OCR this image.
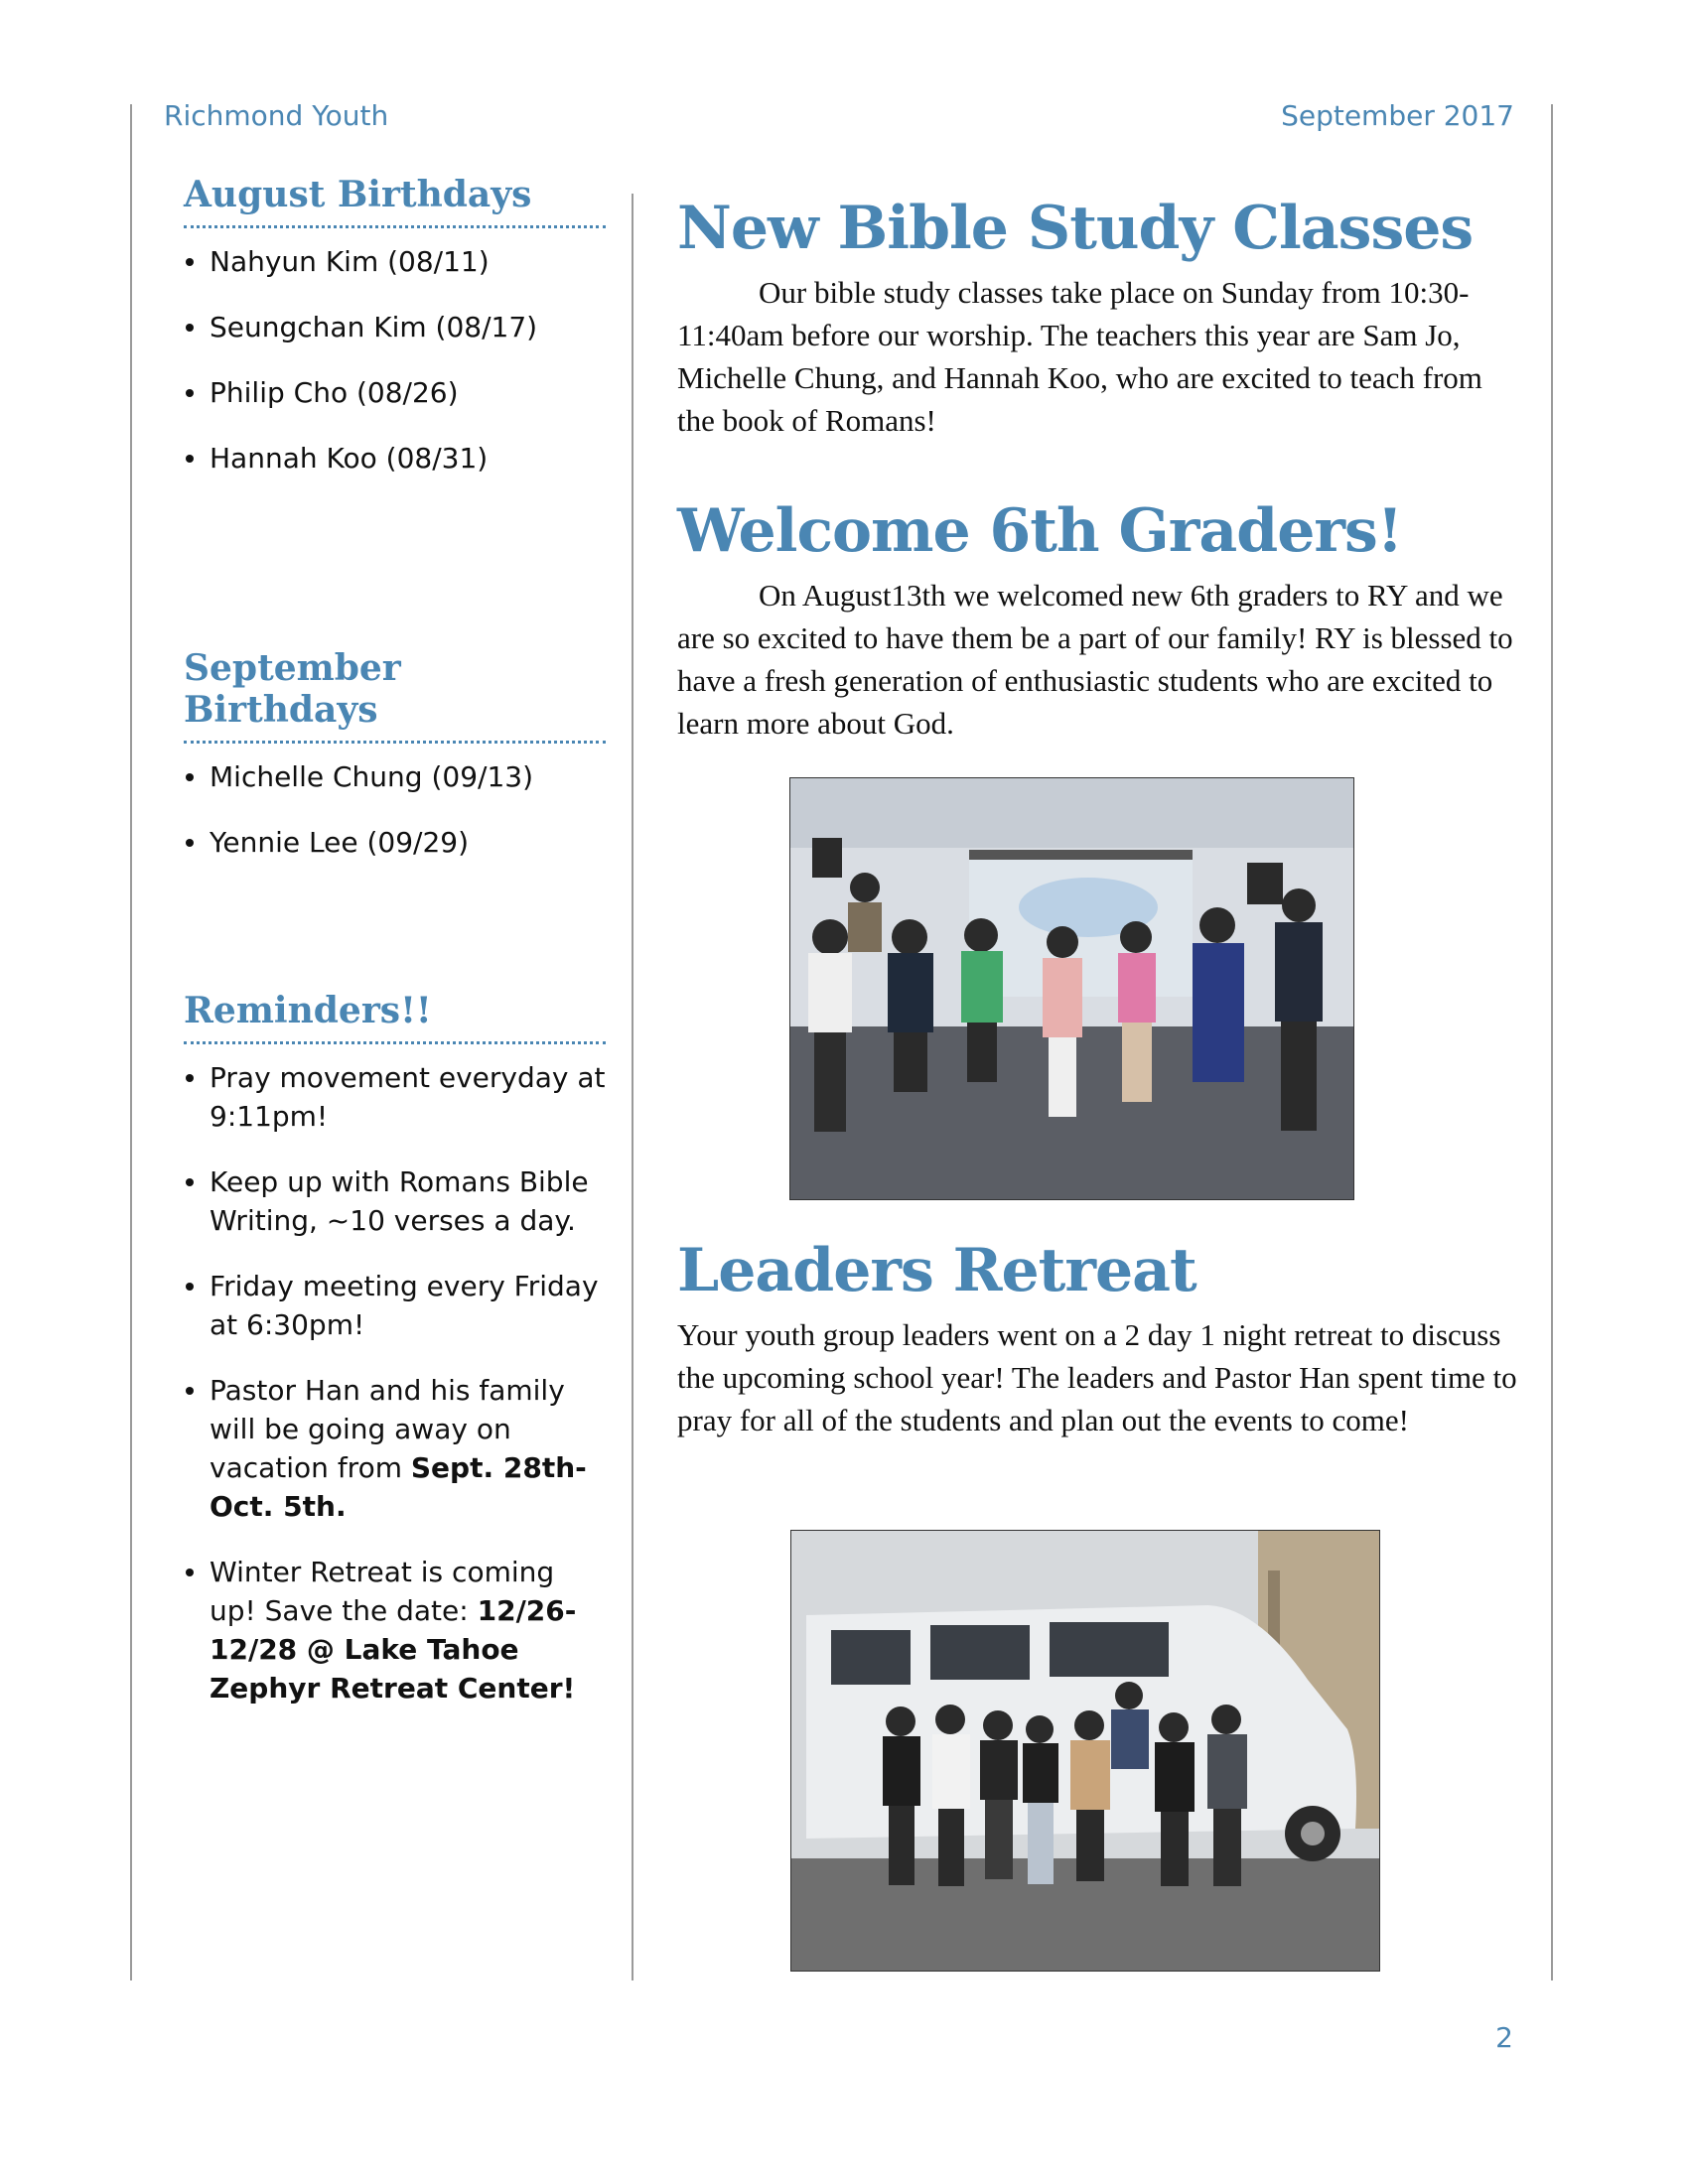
Richmond Youth	September 2017
August Birthdays
Nahyun Kim (08/11)
Seungchan Kim (08/17)
Philip Cho (08/26)
Hannah Koo (08/31)
September Birthdays
Michelle Chung (09/13)
Yennie Lee (09/29)
Reminders!!
Pray movement everyday at 9:11pm!
Keep up with Romans Bible Writing, ~10 verses a day.
Friday meeting every Friday at 6:30pm!
Pastor Han and his family will be going away on vacation from Sept. 28th-Oct. 5th.
Winter Retreat is coming up! Save the date: 12/26-12/28 @ Lake Tahoe Zephyr Retreat Center!
New Bible Study Classes

Our bible study classes take place on Sunday from 10:30-11:40am before our worship. The teachers this year are Sam Jo, Michelle Chung, and Hannah Koo, who are excited to teach from the book of Romans!

Welcome 6th Graders!

On August13th we welcomed new 6th graders to RY and we are so excited to have them be a part of our family! RY is blessed to have a fresh generation of enthusiastic students who are excited to learn more about God.

Leaders Retreat

Your youth group leaders went on a 2 day 1 night retreat to discuss the upcoming school year! The leaders and Pastor Han spent time to pray for all of the students and plan out the events to come!

2
